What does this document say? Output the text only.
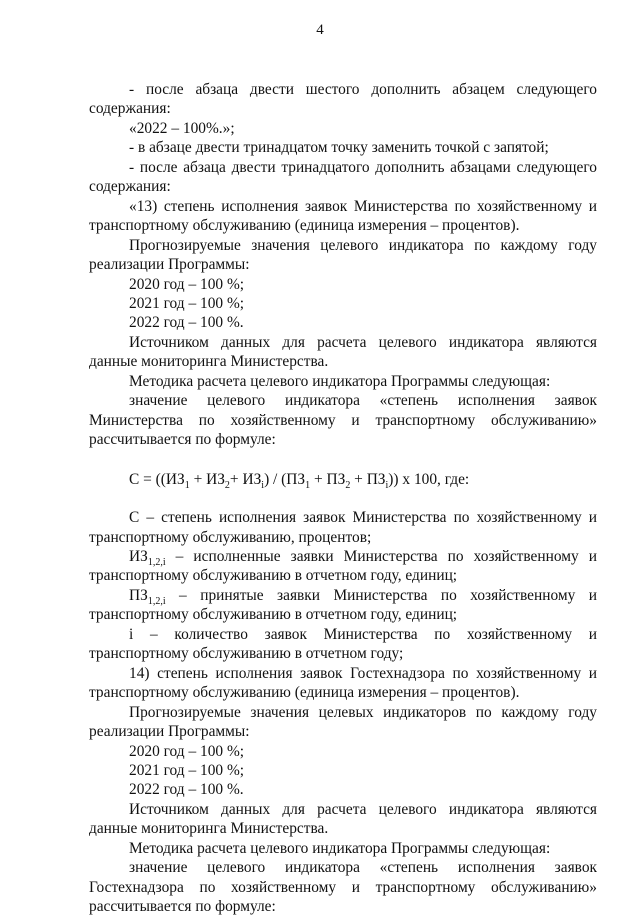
4

- после абзаца двести шестого дополнить абзацем следующего содержания:

«2022 – 100%.»;

- в абзаце двести тринадцатом точку заменить точкой с запятой;

- после абзаца двести тринадцатого дополнить абзацами следующего содержания:

«13) степень исполнения заявок Министерства по хозяйственному и транспортному обслуживанию (единица измерения – процентов).

Прогнозируемые значения целевого индикатора по каждому году реализации Программы:

2020 год – 100 %;

2021 год – 100 %;

2022 год – 100 %.

Источником данных для расчета целевого индикатора являются данные мониторинга Министерства.

Методика расчета целевого индикатора Программы следующая:

значение целевого индикатора «степень исполнения заявок Министерства по хозяйственному и транспортному обслуживанию» рассчитывается по формуле:

$C = ((ИЗ_1 + ИЗ_2+ ИЗ_i) / (ПЗ_1 + ПЗ_2 + ПЗ_i))$ х 100, где:

С – степень исполнения заявок Министерства по хозяйственному и транспортному обслуживанию, процентов;

$ИЗ_{1,2,i}$ – исполненные заявки Министерства по хозяйственному и транспортному обслуживанию в отчетном году, единиц;

$ПЗ_{1,2,i}$ – принятые заявки Министерства по хозяйственному и транспортному обслуживанию в отчетном году, единиц;

i – количество заявок Министерства по хозяйственному и транспортному обслуживанию в отчетном году;

14) степень исполнения заявок Гостехнадзора по хозяйственному и транспортному обслуживанию (единица измерения – процентов).

Прогнозируемые значения целевых индикаторов по каждому году реализации Программы:

2020 год – 100 %;

2021 год – 100 %;

2022 год – 100 %.

Источником данных для расчета целевого индикатора являются данные мониторинга Министерства.

Методика расчета целевого индикатора Программы следующая:

значение целевого индикатора «степень исполнения заявок Гостехнадзора по хозяйственному и транспортному обслуживанию» рассчитывается по формуле:
